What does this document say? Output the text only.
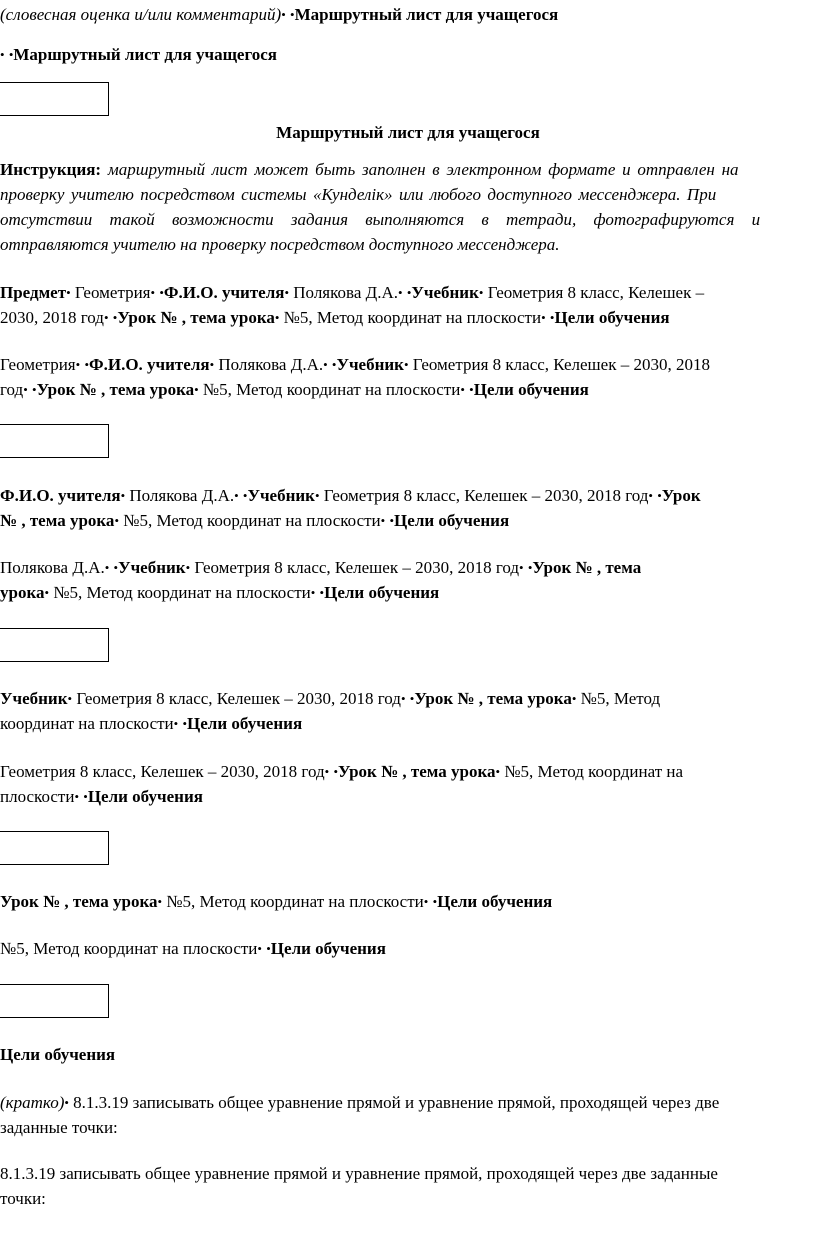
(словесная оценка и/или комментарий)• •Маршрутный лист для учащегося

• •Маршрутный лист для учащегося

Маршрутный лист для учащегося

Инструкция: маршрутный лист может быть заполнен в электронном формате и отправлен на

проверку учителю посредством системы «Кунделік» или любого доступного мессенджера. При

отсутствии такой возможности задания выполняются в тетради, фотографируются и

отправляются учителю на проверку посредством доступного мессенджера.

Предмет• Геометрия• •Ф.И.О. учителя• Полякова Д.А.• •Учебник• Геометрия 8 класс, Келешек –

2030, 2018 год• •Урок № , тема урока• №5, Метод координат на плоскости• •Цели обучения

Геометрия• •Ф.И.О. учителя• Полякова Д.А.• •Учебник• Геометрия 8 класс, Келешек – 2030, 2018

год• •Урок № , тема урока• №5, Метод координат на плоскости• •Цели обучения

Ф.И.О. учителя• Полякова Д.А.• •Учебник• Геометрия 8 класс, Келешек – 2030, 2018 год• •Урок

№ , тема урока• №5, Метод координат на плоскости• •Цели обучения

Полякова Д.А.• •Учебник• Геометрия 8 класс, Келешек – 2030, 2018 год• •Урок № , тема

урока• №5, Метод координат на плоскости• •Цели обучения

Учебник• Геометрия 8 класс, Келешек – 2030, 2018 год• •Урок № , тема урока• №5, Метод

координат на плоскости• •Цели обучения

Геометрия 8 класс, Келешек – 2030, 2018 год• •Урок № , тема урока• №5, Метод координат на

плоскости• •Цели обучения

Урок № , тема урока• №5, Метод координат на плоскости• •Цели обучения

№5, Метод координат на плоскости• •Цели обучения

Цели обучения

(кратко)• 8.1.3.19 записывать общее уравнение прямой и уравнение прямой, проходящей через две

заданные точки:

8.1.3.19 записывать общее уравнение прямой и уравнение прямой, проходящей через две заданные

точки:
